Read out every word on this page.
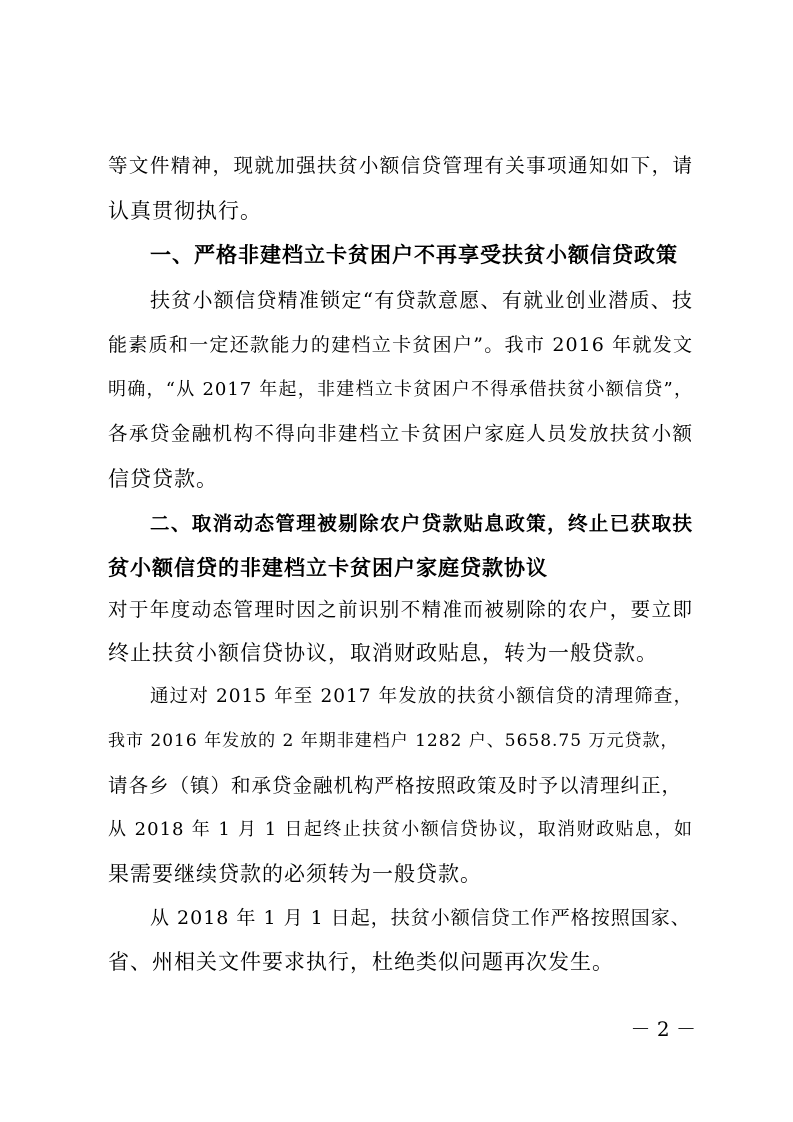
等文件精神，现就加强扶贫小额信贷管理有关事项通知如下，请
认真贯彻执行。
一、严格非建档立卡贫困户不再享受扶贫小额信贷政策
扶贫小额信贷精准锁定“有贷款意愿、有就业创业潜质、技
能素质和一定还款能力的建档立卡贫困户”。我市 2016 年就发文
明确，“从 2017 年起，非建档立卡贫困户不得承借扶贫小额信贷”，
各承贷金融机构不得向非建档立卡贫困户家庭人员发放扶贫小额
信贷贷款。
二、取消动态管理被剔除农户贷款贴息政策，终止已获取扶
贫小额信贷的非建档立卡贫困户家庭贷款协议
对于年度动态管理时因之前识别不精准而被剔除的农户，要立即
终止扶贫小额信贷协议，取消财政贴息，转为一般贷款。
通过对 2015 年至 2017 年发放的扶贫小额信贷的清理筛查，
我市 2016 年发放的 2 年期非建档户 1282 户、5658.75 万元贷款，
请各乡（镇）和承贷金融机构严格按照政策及时予以清理纠正，
从 2018 年 1 月 1 日起终止扶贫小额信贷协议，取消财政贴息，如
果需要继续贷款的必须转为一般贷款。
从 2018 年 1 月 1 日起，扶贫小额信贷工作严格按照国家、
省、州相关文件要求执行，杜绝类似问题再次发生。
－ 2 －
